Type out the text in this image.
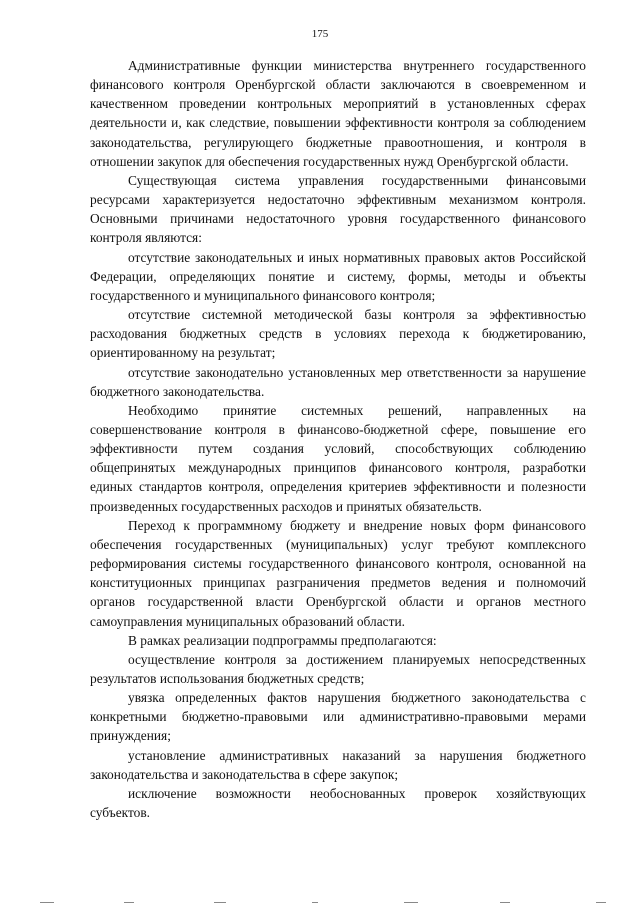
175

Административные функции министерства внутреннего государственного финансового контроля Оренбургской области заключаются в своевременном и качественном проведении контрольных мероприятий в установленных сферах деятельности и, как следствие, повышении эффективности контроля за соблюдением законодательства, регулирующего бюджетные правоотношения, и контроля в отношении закупок для обеспечения государственных нужд Оренбургской области.

Существующая система управления государственными финансовыми ресурсами характеризуется недостаточно эффективным механизмом контроля. Основными причинами недостаточного уровня государственного финансового контроля являются:

отсутствие законодательных и иных нормативных правовых актов Российской Федерации, определяющих понятие и систему, формы, методы и объекты государственного и муниципального финансового контроля;

отсутствие системной методической базы контроля за эффективностью расходования бюджетных средств в условиях перехода к бюджетированию, ориентированному на результат;

отсутствие законодательно установленных мер ответственности за нарушение бюджетного законодательства.

Необходимо принятие системных решений, направленных на совершенствование контроля в финансово-бюджетной сфере, повышение его эффективности путем создания условий, способствующих соблюдению общепринятых международных принципов финансового контроля, разработки единых стандартов контроля, определения критериев эффективности и полезности произведенных государственных расходов и принятых обязательств.

Переход к программному бюджету и внедрение новых форм финансового обеспечения государственных (муниципальных) услуг требуют комплексного реформирования системы государственного финансового контроля, основанной на конституционных принципах разграничения предметов ведения и полномочий органов государственной власти Оренбургской области и органов местного самоуправления муниципальных образований области.

В рамках реализации подпрограммы предполагаются:

осуществление контроля за достижением планируемых непосредственных результатов использования бюджетных средств;

увязка определенных фактов нарушения бюджетного законодательства с конкретными бюджетно-правовыми или административно-правовыми мерами принуждения;

установление административных наказаний за нарушения бюджетного законодательства и законодательства в сфере закупок;

исключение возможности необоснованных проверок хозяйствующих субъектов.
